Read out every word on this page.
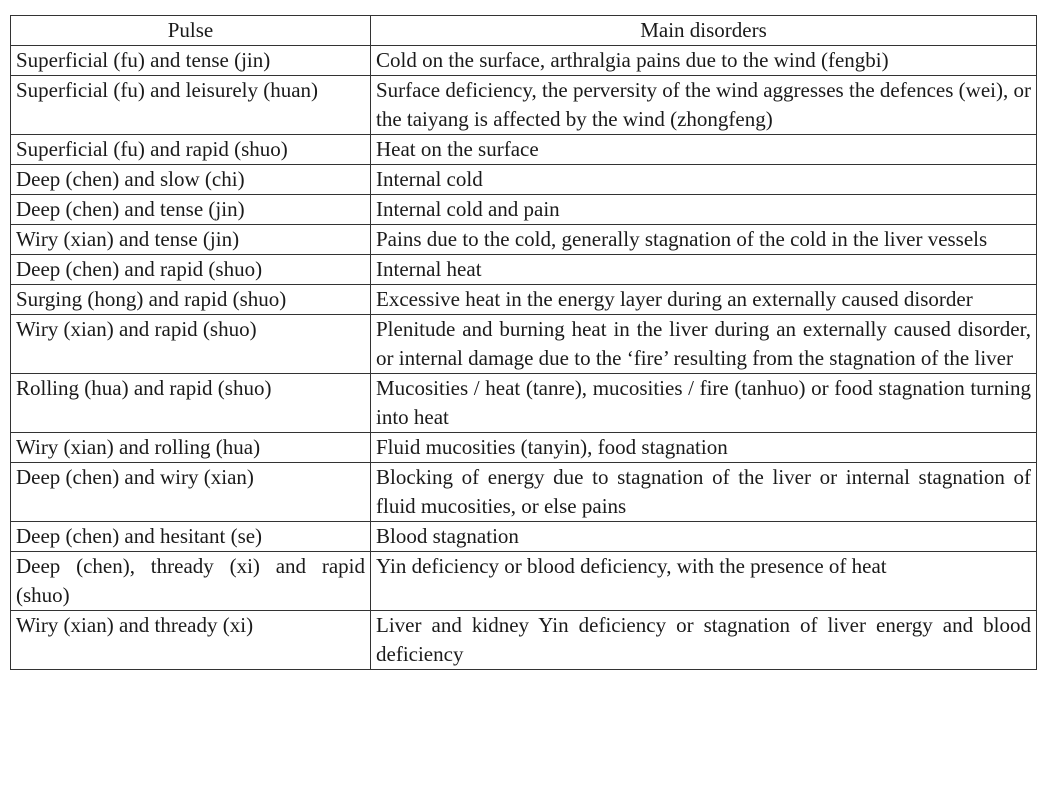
Pulse	Main disorders
Superficial (fu) and tense (jin)	Cold on the surface, arthralgia pains due to the wind (fengbi)
Superficial (fu) and leisurely (huan)	Surface deficiency, the perversity of the wind aggresses the defences (wei), or the taiyang is affected by the wind (zhongfeng)
Superficial (fu) and rapid (shuo)	Heat on the surface
Deep (chen) and slow (chi)	Internal cold
Deep (chen) and tense (jin)	Internal cold and pain
Wiry (xian) and tense (jin)	Pains due to the cold, generally stagnation of the cold in the liver vessels
Deep (chen) and rapid (shuo)	Internal heat
Surging (hong) and rapid (shuo)	Excessive heat in the energy layer during an externally caused disorder
Wiry (xian) and rapid (shuo)	Plenitude and burning heat in the liver during an externally caused disorder, or internal damage due to the ‘fire’ resulting from the stagnation of the liver
Rolling (hua) and rapid (shuo)	Mucosities / heat (tanre), mucosities / fire (tanhuo) or food stagnation turning into heat
Wiry (xian) and rolling (hua)	Fluid mucosities (tanyin), food stagnation
Deep (chen) and wiry (xian)	Blocking of energy due to stagnation of the liver or internal stagnation of fluid mucosities, or else pains
Deep (chen) and hesitant (se)	Blood stagnation
Deep (chen), thready (xi) and rapid (shuo)	Yin deficiency or blood deficiency, with the presence of heat
Wiry (xian) and thready (xi)	Liver and kidney Yin deficiency or stagnation of liver energy and blood deficiency
